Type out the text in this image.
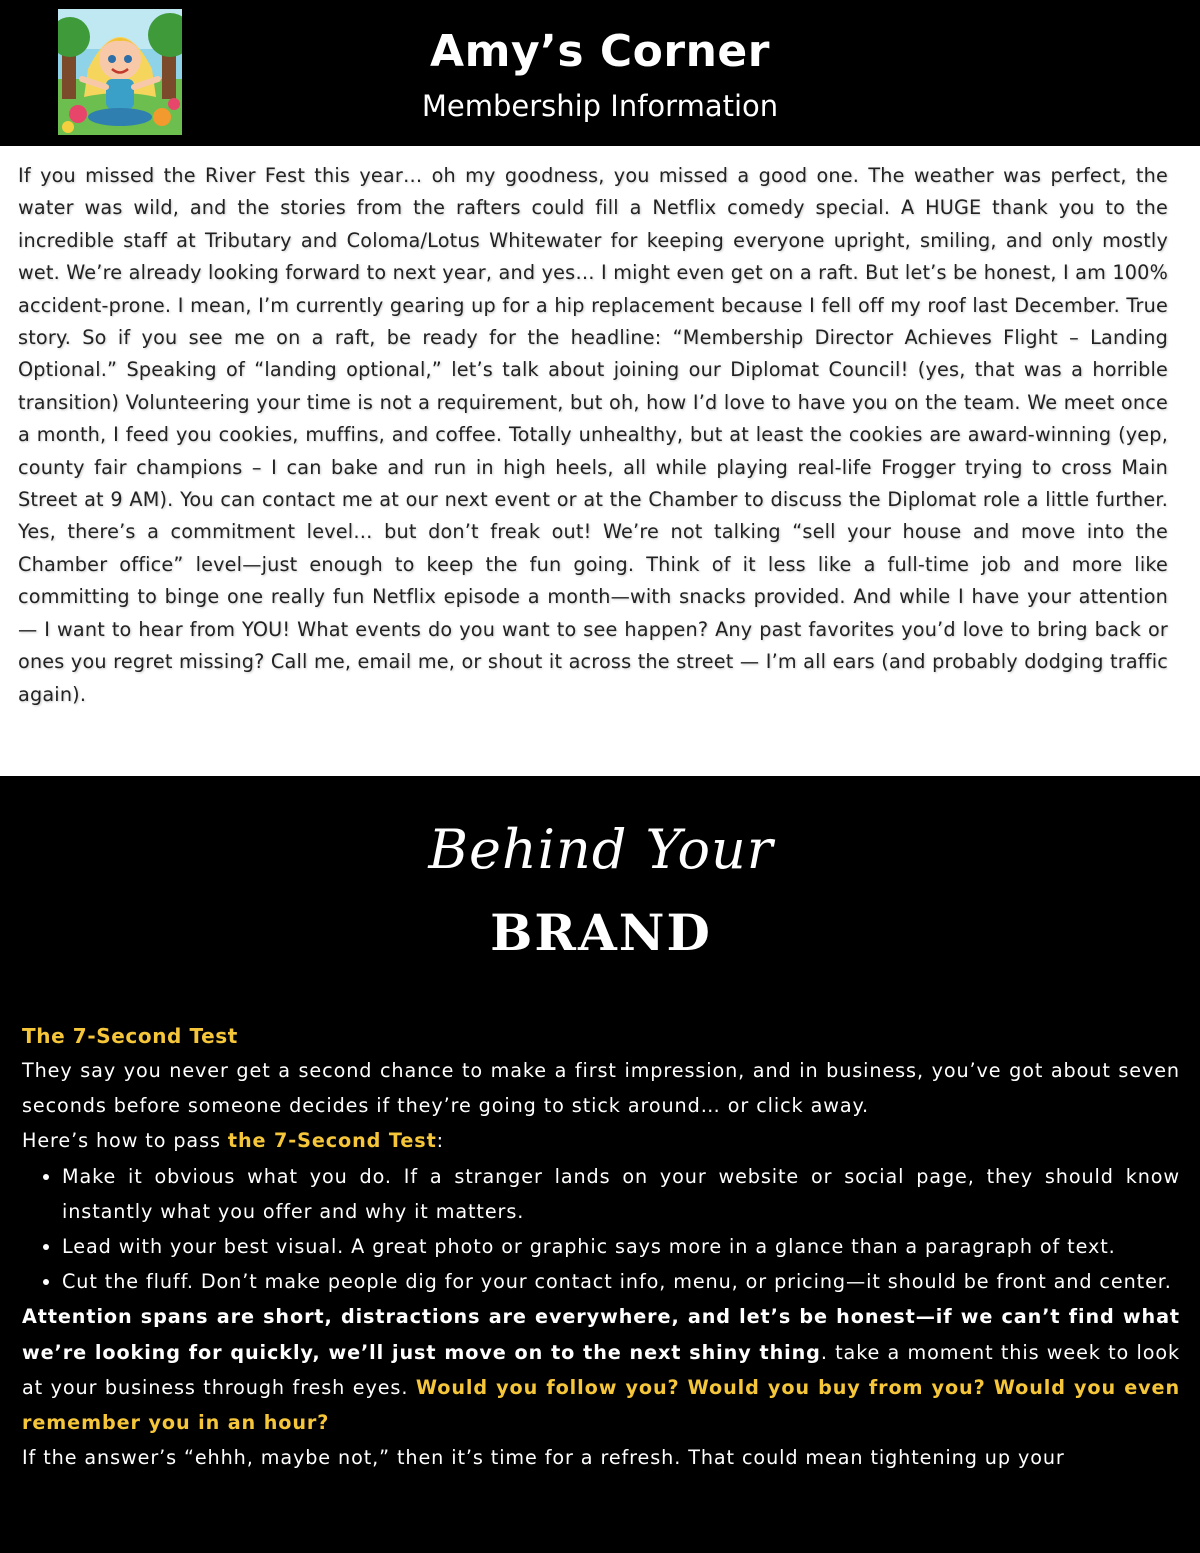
Amy’s Corner
Membership Information

If you missed the River Fest this year… oh my goodness, you missed a good one. The weather was perfect, the water was wild, and the stories from the rafters could fill a Netflix comedy special. A HUGE thank you to the incredible staff at Tributary and Coloma/Lotus Whitewater for keeping everyone upright, smiling, and only mostly wet. We’re already looking forward to next year, and yes… I might even get on a raft. But let’s be honest, I am 100% accident-prone. I mean, I’m currently gearing up for a hip replacement because I fell off my roof last December. True story. So if you see me on a raft, be ready for the headline: “Membership Director Achieves Flight – Landing Optional.” Speaking of “landing optional,” let’s talk about joining our Diplomat Council! (yes, that was a horrible transition) Volunteering your time is not a requirement, but oh, how I’d love to have you on the team. We meet once a month, I feed you cookies, muffins, and coffee. Totally unhealthy, but at least the cookies are award-winning (yep, county fair champions – I can bake and run in high heels, all while playing real-life Frogger trying to cross Main Street at 9 AM). You can contact me at our next event or at the Chamber to discuss the Diplomat role a little further. Yes, there’s a commitment level… but don’t freak out! We’re not talking “sell your house and move into the Chamber office” level—just enough to keep the fun going. Think of it less like a full-time job and more like committing to binge one really fun Netflix episode a month—with snacks provided. And while I have your attention — I want to hear from YOU! What events do you want to see happen? Any past favorites you’d love to bring back or ones you regret missing? Call me, email me, or shout it across the street — I’m all ears (and probably dodging traffic again).

Behind Your
BRAND
The 7-Second Test

They say you never get a second chance to make a first impression, and in business, you’ve got about seven seconds before someone decides if they’re going to stick around… or click away.

Here’s how to pass the 7-Second Test:

• Make it obvious what you do. If a stranger lands on your website or social page, they should know instantly what you offer and why it matters.
• Lead with your best visual. A great photo or graphic says more in a glance than a paragraph of text.
• Cut the fluff. Don’t make people dig for your contact info, menu, or pricing—it should be front and center.

Attention spans are short, distractions are everywhere, and let’s be honest—if we can’t find what we’re looking for quickly, we’ll just move on to the next shiny thing. take a moment this week to look at your business through fresh eyes. Would you follow you? Would you buy from you? Would you even remember you in an hour?

If the answer’s “ehhh, maybe not,” then it’s time for a refresh. That could mean tightening up your
